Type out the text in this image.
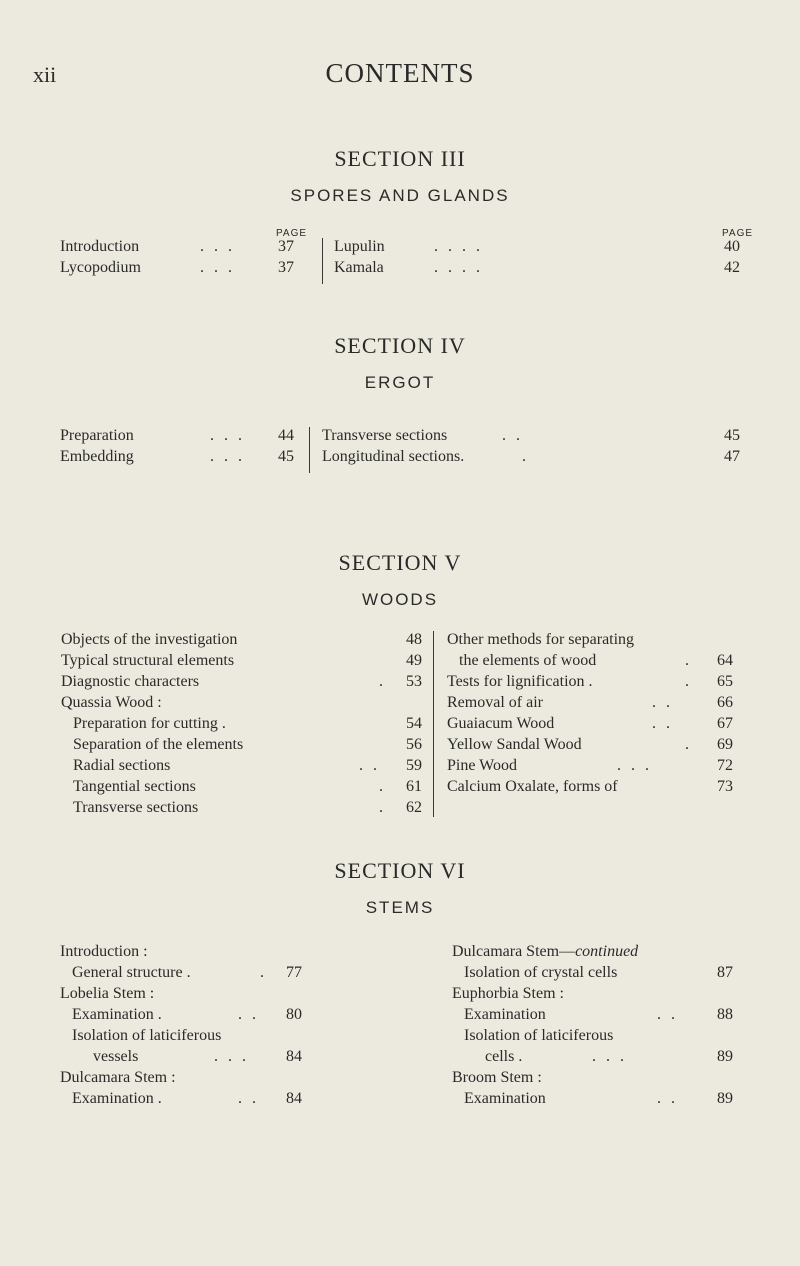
xii	CONTENTS
SECTION III
SPORES AND GLANDS
PAGE	PAGE
Introduction	. . .	37
Lycopodium	. . .	37
Lupulin	. . . .	40
Kamala	. . . .	42
SECTION IV
ERGOT
Preparation	. . . 44
Embedding	. . . 45
Transverse sections	. .	45
Longitudinal sections.	.	47
SECTION V
WOODS
Objects of the investigation	48
Typical structural elements	49
Diagnostic characters	. 53
Quassia Wood :
Preparation for cutting .	54
Separation of the elements	56
Radial sections	. . 59
Tangential sections	. 61
Transverse sections	. 62
Other methods for separating
the elements of wood	. 64
Tests for lignification .	. 65
Removal of air	. .	66
Guaiacum Wood	. .	67
Yellow Sandal Wood	. 69
Pine Wood	. . .	72
Calcium Oxalate, forms of	73
SECTION VI
STEMS
Introduction :
General structure .	. 77
Lobelia Stem :
Examination .	. . 80
Isolation of laticiferous
vessels	. . . 84
Dulcamara Stem :
Examination .	. . 84
Dulcamara Stem—continued
Isolation of crystal cells	87
Euphorbia Stem :
Examination	. . 88
Isolation of laticiferous
cells .	. . .	89
Broom Stem :
Examination	. . 89
